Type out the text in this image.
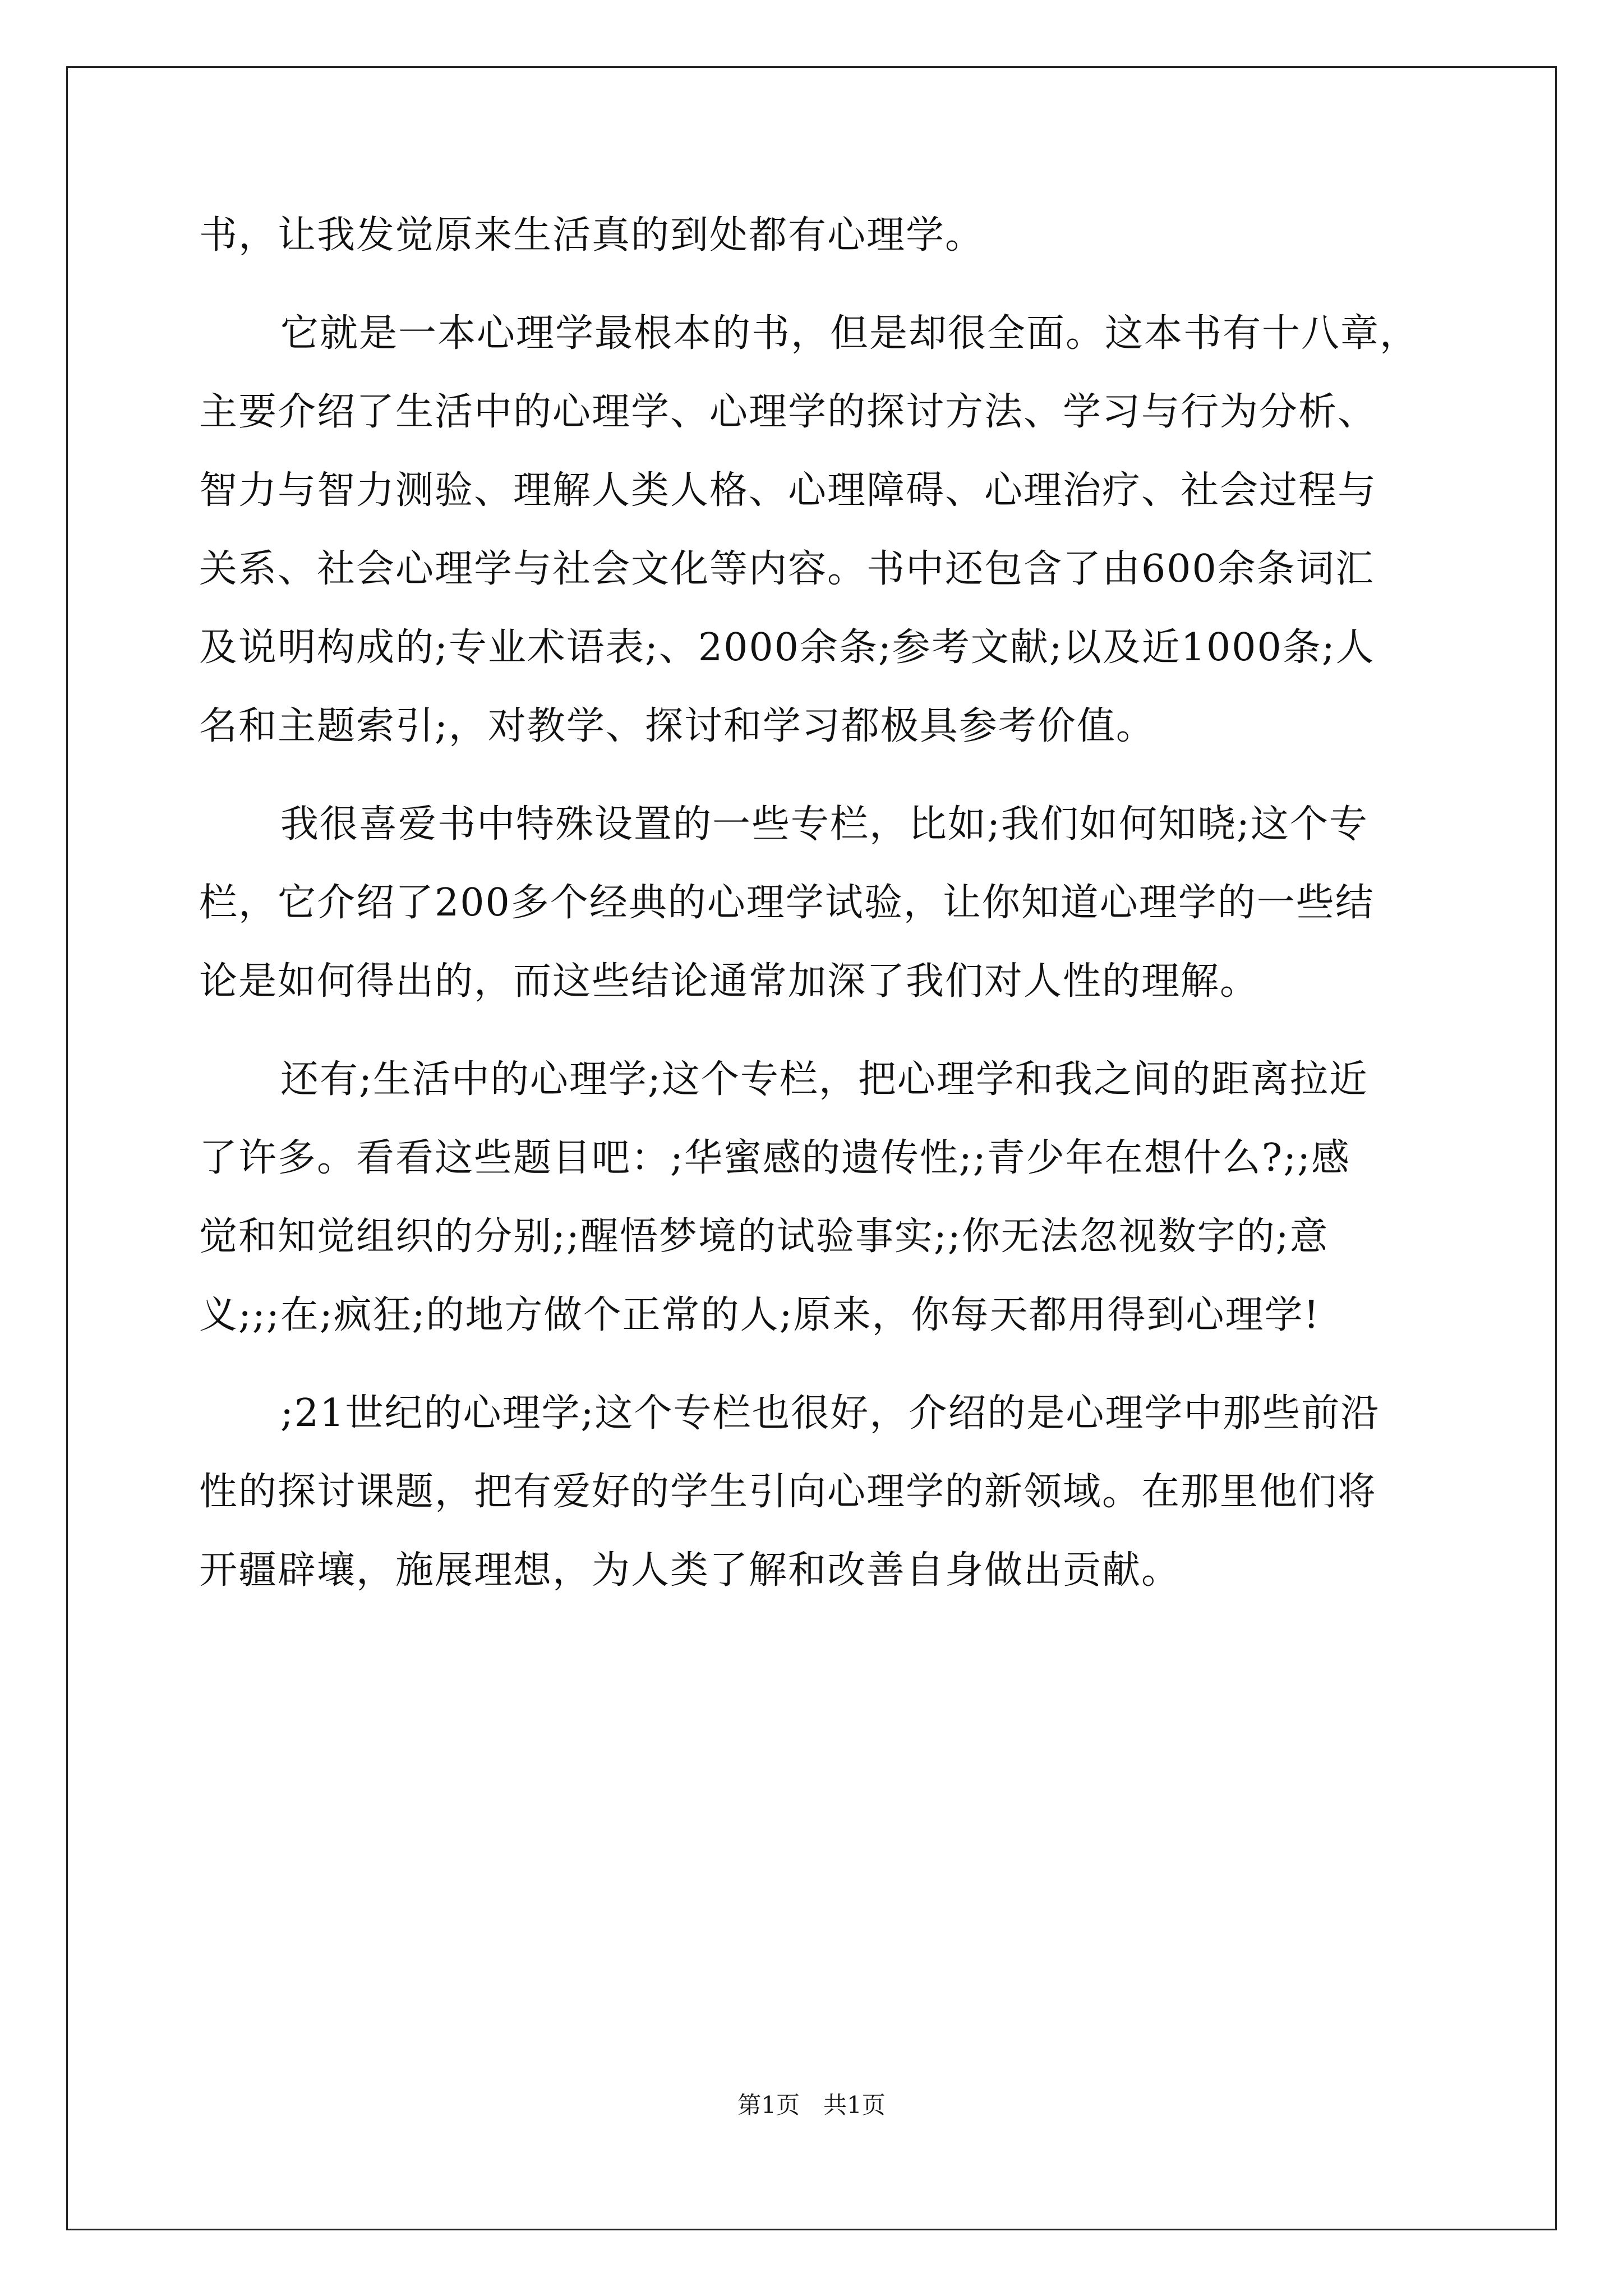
书，让我发觉原来生活真的到处都有心理学。
它就是一本心理学最根本的书，但是却很全面。这本书有十八章，
主要介绍了生活中的心理学、心理学的探讨方法、学习与行为分析、
智力与智力测验、理解人类人格、心理障碍、心理治疗、社会过程与
关系、社会心理学与社会文化等内容。书中还包含了由600余条词汇
及说明构成的;专业术语表;、2000余条;参考文献;以及近1000条;人
名和主题索引;，对教学、探讨和学习都极具参考价值。
我很喜爱书中特殊设置的一些专栏，比如;我们如何知晓;这个专
栏，它介绍了200多个经典的心理学试验，让你知道心理学的一些结
论是如何得出的，而这些结论通常加深了我们对人性的理解。
还有;生活中的心理学;这个专栏，把心理学和我之间的距离拉近
了许多。看看这些题目吧：;华蜜感的遗传性;;青少年在想什么?;;感
觉和知觉组织的分别;;醒悟梦境的试验事实;;你无法忽视数字的;意
义;;;在;疯狂;的地方做个正常的人;原来，你每天都用得到心理学!
;21世纪的心理学;这个专栏也很好，介绍的是心理学中那些前沿
性的探讨课题，把有爱好的学生引向心理学的新领域。在那里他们将
开疆辟壤，施展理想，为人类了解和改善自身做出贡献。
第1页　共1页
